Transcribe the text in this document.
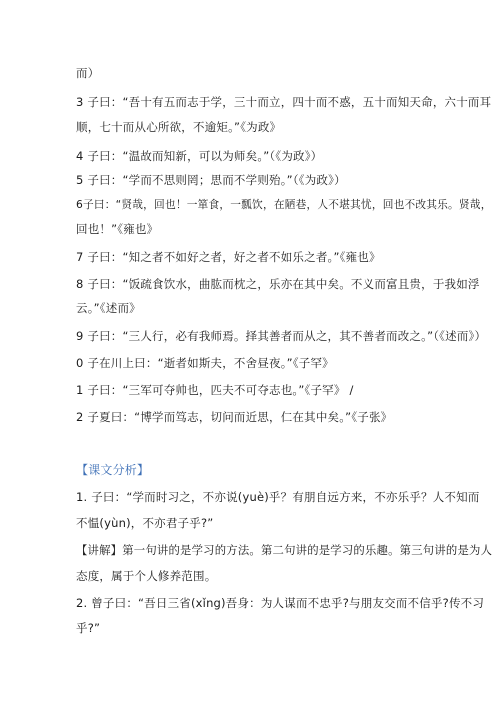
而）
3 子曰：“吾十有五而志于学，三十而立，四十而不惑，五十而知天命，六十而耳
顺，七十而从心所欲，不逾矩。”《为政》
4 子曰：“温故而知新，可以为师矣。”（《为政》）
5 子曰：“学而不思则罔；思而不学则殆。”（《为政》）
6子曰：“贤哉，回也！一箪食，一瓢饮，在陋巷，人不堪其忧，回也不改其乐。贤哉，
回也！”《雍也》
7 子曰：“知之者不如好之者，好之者不如乐之者。”《雍也》
8 子曰：“饭疏食饮水，曲肱而枕之，乐亦在其中矣。不义而富且贵，于我如浮
云。”《述而》
9 子曰：“三人行，必有我师焉。择其善者而从之，其不善者而改之。”（《述而》）
0 子在川上曰：“逝者如斯夫，不舍昼夜。”《子罕》
1 子曰：“三军可夺帅也，匹夫不可夺志也。”《子罕》 /
2 子夏曰：“博学而笃志，切问而近思，仁在其中矣。”《子张》
【课文分析】
1. 子曰：“学而时习之，不亦说(yuè)乎？有朋自远方来，不亦乐乎？人不知而
不愠(yùn)，不亦君子乎?”
【讲解】第一句讲的是学习的方法。第二句讲的是学习的乐趣。第三句讲的是为人
态度，属于个人修养范围。
2. 曾子曰：“吾日三省(xǐng)吾身：为人谋而不忠乎?与朋友交而不信乎?传不习
乎?”
